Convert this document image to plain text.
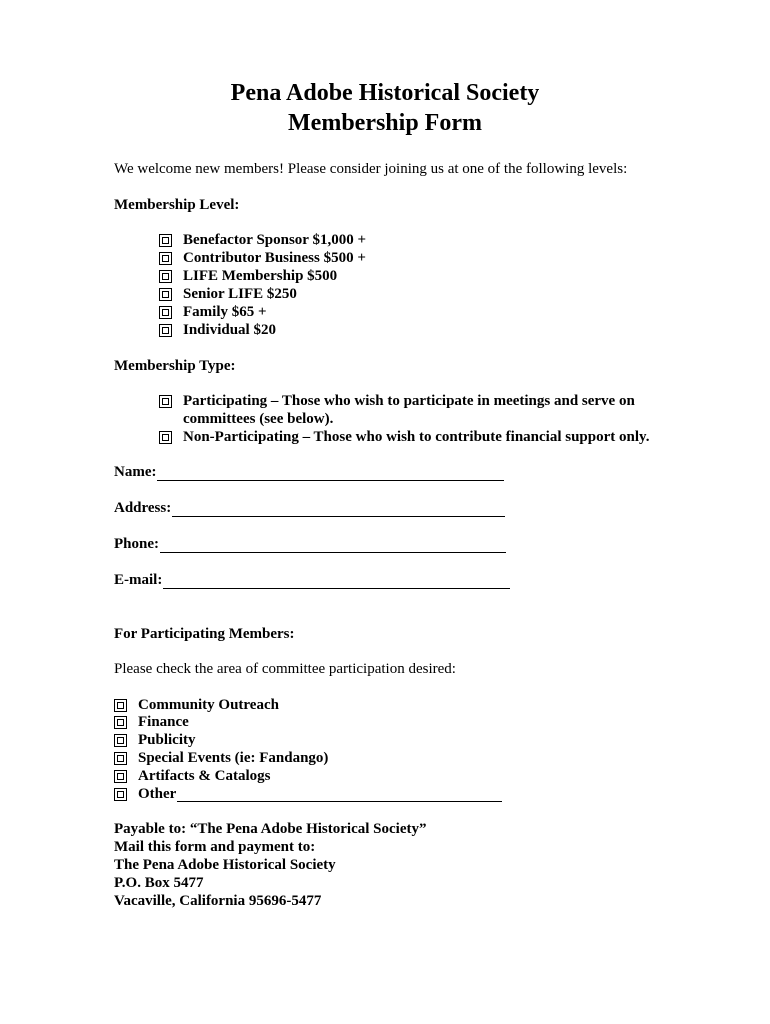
Pena Adobe Historical Society
Membership Form
We welcome new members! Please consider joining us at one of the following levels:
Membership Level:
Benefactor Sponsor $1,000 +
Contributor Business $500 +
LIFE Membership $500
Senior LIFE $250
Family $65 +
Individual $20
Membership Type:
Participating – Those who wish to participate in meetings and serve on
committees (see below).
Non-Participating – Those who wish to contribute financial support only.
Name:
Address:
Phone:
E-mail:
For Participating Members:
Please check the area of committee participation desired:
Community Outreach
Finance
Publicity
Special Events (ie: Fandango)
Artifacts & Catalogs
Other
Payable to: “The Pena Adobe Historical Society”
Mail this form and payment to:
The Pena Adobe Historical Society
P.O. Box 5477
Vacaville, California 95696-5477
